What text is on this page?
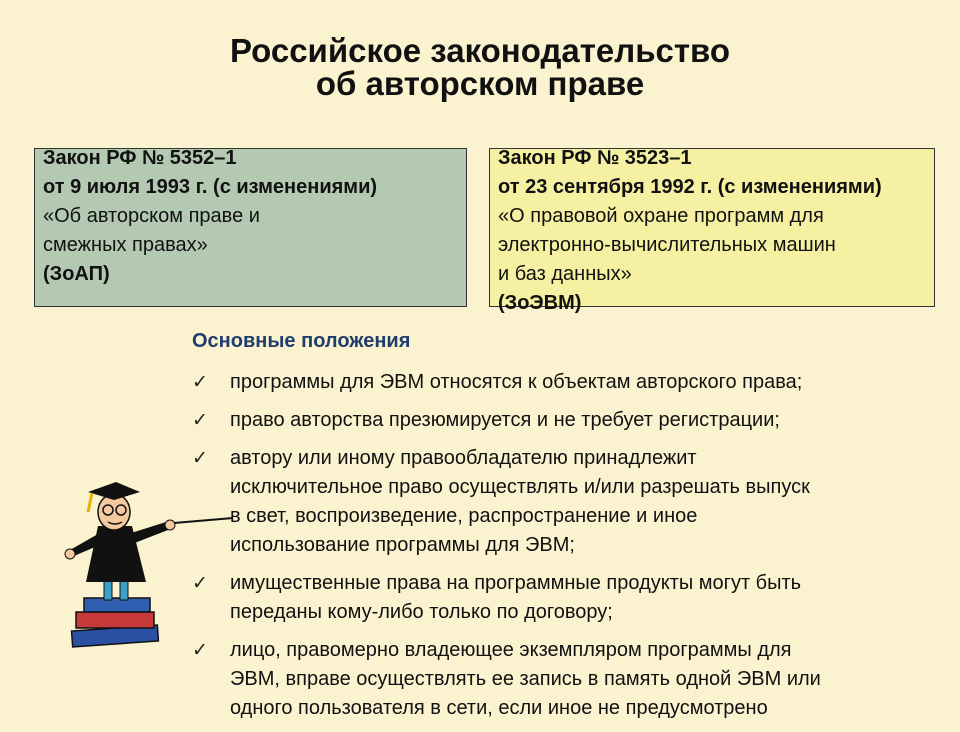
Российское законодательство
об авторском праве
Закон РФ № 5352–1
от 9 июля 1993 г. (с изменениями)
«Об авторском праве и
смежных правах»
(ЗоАП)
Закон РФ № 3523–1
от 23 сентября 1992 г. (с изменениями)
«О правовой охране программ для
электронно-вычислительных машин
и баз данных»
(ЗоЭВМ)
Основные положения
✓ программы для ЭВМ относятся к объектам авторского права;
✓ право авторства презюмируется и не требует регистрации;
✓ автору или иному правообладателю принадлежит
исключительное право осуществлять и/или разрешать выпуск
в свет, воспроизведение, распространение и иное
использование программы для ЭВМ;
✓ имущественные права на программные продукты могут быть
переданы кому-либо только по договору;
✓ лицо, правомерно владеющее экземпляром программы для
ЭВМ, вправе осуществлять ее запись в память одной ЭВМ или
одного пользователя в сети, если иное не предусмотрено
